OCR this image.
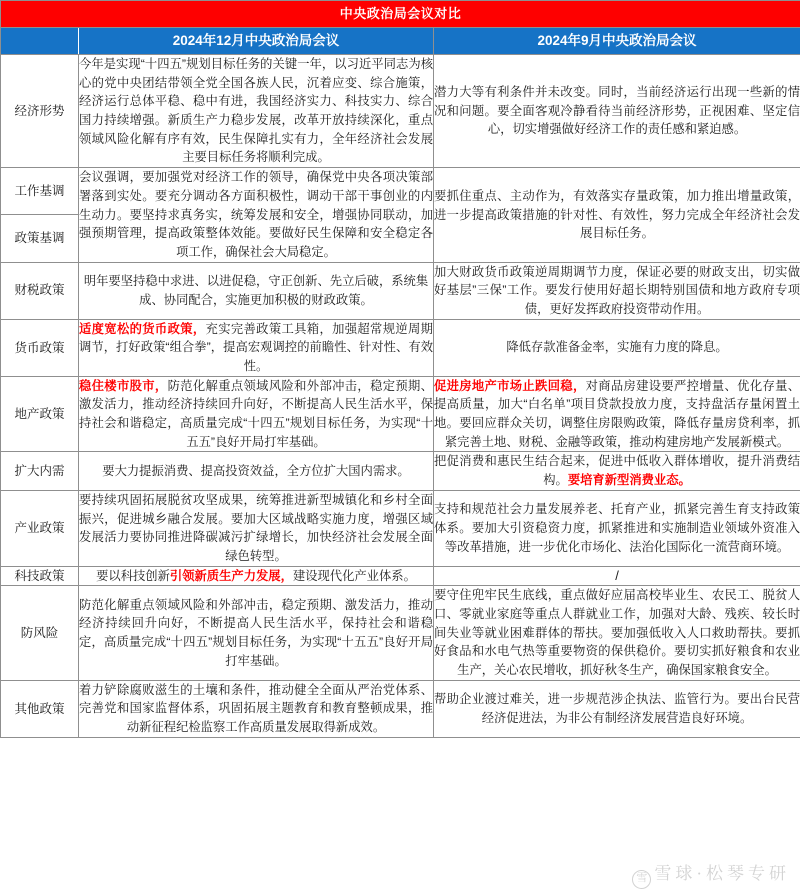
中央政治局会议对比		

	2024年12月中央政治局会议	2024年9月中央政治局会议

经济形势	今年是实现“十四五”规划目标任务的关键一年，以习近平同志为核心的党中央团结带领全党全国各族人民，沉着应变、综合施策，经济运行总体平稳、稳中有进，我国经济实力、科技实力、综合国力持续增强。新质生产力稳步发展，改革开放持续深化，重点领域风险化解有序有效，民生保障扎实有力，全年经济社会发展主要目标任务将顺利完成。	潜力大等有利条件并未改变。同时，当前经济运行出现一些新的情况和问题。要全面客观冷静看待当前经济形势，正视困难、坚定信心，切实增强做好经济工作的责任感和紧迫感。

工作基调	会议强调，要加强党对经济工作的领导，确保党中央各项决策部署落到实处。要充分调动各方面积极性，调动干部干事创业的内生动力。要坚持求真务实，统筹发展和安全，增强协同联动，加强预期管理，提高政策整体效能。要做好民生保障和安全稳定各项工作，确保社会大局稳定。	要抓住重点、主动作为，有效落实存量政策，加力推出增量政策，进一步提高政策措施的针对性、有效性，努力完成全年经济社会发展目标任务。

政策基调		
财税政策	明年要坚持稳中求进、以进促稳，守正创新、先立后破，系统集成、协同配合，实施更加积极的财政政策。	加大财政货币政策逆周期调节力度，保证必要的财政支出，切实做好基层”三保”工作。要发行使用好超长期特别国债和地方政府专项债，更好发挥政府投资带动作用。

货币政策	适度宽松的货币政策，充实完善政策工具箱，加强超常规逆周期调节，打好政策“组合拳”，提高宏观调控的前瞻性、针对性、有效性。	降低存款准备金率，实施有力度的降息。

地产政策	稳住楼市股市，防范化解重点领域风险和外部冲击，稳定预期、激发活力，推动经济持续回升向好，不断提高人民生活水平，保持社会和谐稳定，高质量完成“十四五”规划目标任务，为实现“十五五”良好开局打牢基础。	促进房地产市场止跌回稳，对商品房建设要严控增量、优化存量、提高质量，加大“白名单”项目贷款投放力度，支持盘活存量闲置土地。要回应群众关切，调整住房限购政策，降低存量房贷利率，抓紧完善土地、财税、金融等政策，推动构建房地产发展新模式。

扩大内需	要大力提振消费、提高投资效益，全方位扩大国内需求。	把促消费和惠民生结合起来，促进中低收入群体增收，提升消费结构。要培育新型消费业态。

产业政策	要持续巩固拓展脱贫攻坚成果，统筹推进新型城镇化和乡村全面振兴，促进城乡融合发展。要加大区域战略实施力度，增强区域发展活力要协同推进降碳减污扩绿增长，加快经济社会发展全面绿色转型。	支持和规范社会力量发展养老、托育产业，抓紧完善生育支持政策体系。要加大引资稳资力度，抓紧推进和实施制造业领域外资准入等改革措施，进一步优化市场化、法治化国际化一流营商环境。

科技政策	要以科技创新引领新质生产力发展，建设现代化产业体系。	/

防风险	防范化解重点领域风险和外部冲击，稳定预期、激发活力，推动经济持续回升向好，不断提高人民生活水平，保持社会和谐稳定，高质量完成“十四五”规划目标任务，为实现“十五五”良好开局打牢基础。	要守住兜牢民生底线，重点做好应届高校毕业生、农民工、脱贫人口、零就业家庭等重点人群就业工作，加强对大龄、残疾、较长时间失业等就业困难群体的帮扶。要加强低收入人口救助帮扶。要抓好食品和水电气热等重要物资的保供稳价。要切实抓好粮食和农业生产，关心农民增收，抓好秋冬生产，确保国家粮食安全。

其他政策	着力铲除腐败滋生的土壤和条件，推动健全全面从严治党体系、完善党和国家监督体系，巩固拓展主题教育和教育整顿成果，推动新征程纪检监察工作高质量发展取得新成效。	帮助企业渡过难关，进一步规范涉企执法、监管行为。要出台民营经济促进法，为非公有制经济发展营造良好环境。
雪 雪球·松琴专研
